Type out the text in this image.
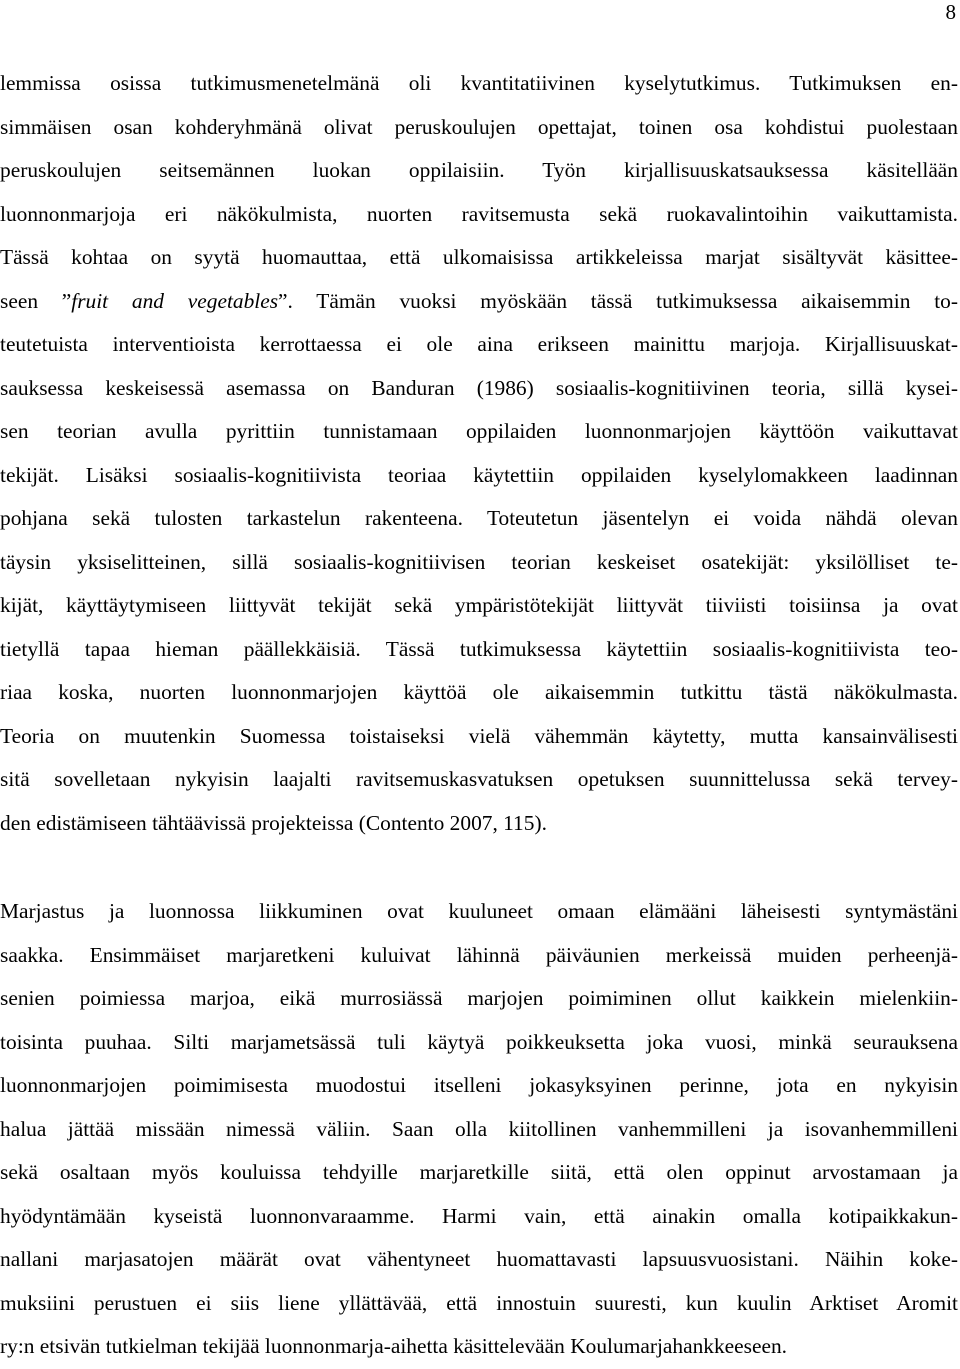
8
lemmissa osissa tutkimusmenetelmänä oli kvantitatiivinen kyselytutkimus. Tutkimuksen en-
simmäisen osan kohderyhmänä olivat peruskoulujen opettajat, toinen osa kohdistui puolestaan
peruskoulujen seitsemännen luokan oppilaisiin. Työn kirjallisuuskatsauksessa käsitellään
luonnonmarjoja eri näkökulmista, nuorten ravitsemusta sekä ruokavalintoihin vaikuttamista.
Tässä kohtaa on syytä huomauttaa, että ulkomaisissa artikkeleissa marjat sisältyvät käsittee-
seen ”fruit and vegetables”. Tämän vuoksi myöskään tässä tutkimuksessa aikaisemmin to-
teutetuista interventioista kerrottaessa ei ole aina erikseen mainittu marjoja. Kirjallisuuskat-
sauksessa keskeisessä asemassa on Banduran (1986) sosiaalis-kognitiivinen teoria, sillä kysei-
sen teorian avulla pyrittiin tunnistamaan oppilaiden luonnonmarjojen käyttöön vaikuttavat
tekijät. Lisäksi sosiaalis-kognitiivista teoriaa käytettiin oppilaiden kyselylomakkeen laadinnan
pohjana sekä tulosten tarkastelun rakenteena. Toteutetun jäsentelyn ei voida nähdä olevan
täysin yksiselitteinen, sillä sosiaalis-kognitiivisen teorian keskeiset osatekijät: yksilölliset te-
kijät, käyttäytymiseen liittyvät tekijät sekä ympäristötekijät liittyvät tiiviisti toisiinsa ja ovat
tietyllä tapaa hieman päällekkäisiä. Tässä tutkimuksessa käytettiin sosiaalis-kognitiivista teo-
riaa koska, nuorten luonnonmarjojen käyttöä ole aikaisemmin tutkittu tästä näkökulmasta.
Teoria on muutenkin Suomessa toistaiseksi vielä vähemmän käytetty, mutta kansainvälisesti
sitä sovelletaan nykyisin laajalti ravitsemuskasvatuksen opetuksen suunnittelussa sekä tervey-
den edistämiseen tähtäävissä projekteissa (Contento 2007, 115).
Marjastus ja luonnossa liikkuminen ovat kuuluneet omaan elämääni läheisesti syntymästäni
saakka. Ensimmäiset marjaretkeni kuluivat lähinnä päiväunien merkeissä muiden perheenjä-
senien poimiessa marjoa, eikä murrosiässä marjojen poimiminen ollut kaikkein mielenkiin-
toisinta puuhaa. Silti marjametsässä tuli käytyä poikkeuksetta joka vuosi, minkä seurauksena
luonnonmarjojen poimimisesta muodostui itselleni jokasyksyinen perinne, jota en nykyisin
halua jättää missään nimessä väliin. Saan olla kiitollinen vanhemmilleni ja isovanhemmilleni
sekä osaltaan myös kouluissa tehdyille marjaretkille siitä, että olen oppinut arvostamaan ja
hyödyntämään kyseistä luonnonvaraamme. Harmi vain, että ainakin omalla kotipaikkakun-
nallani marjasatojen määrät ovat vähentyneet huomattavasti lapsuusvuosistani. Näihin koke-
muksiini perustuen ei siis liene yllättävää, että innostuin suuresti, kun kuulin Arktiset Aromit
ry:n etsivän tutkielman tekijää luonnonmarja-aihetta käsittelevään Koulumarjahankkeeseen.
